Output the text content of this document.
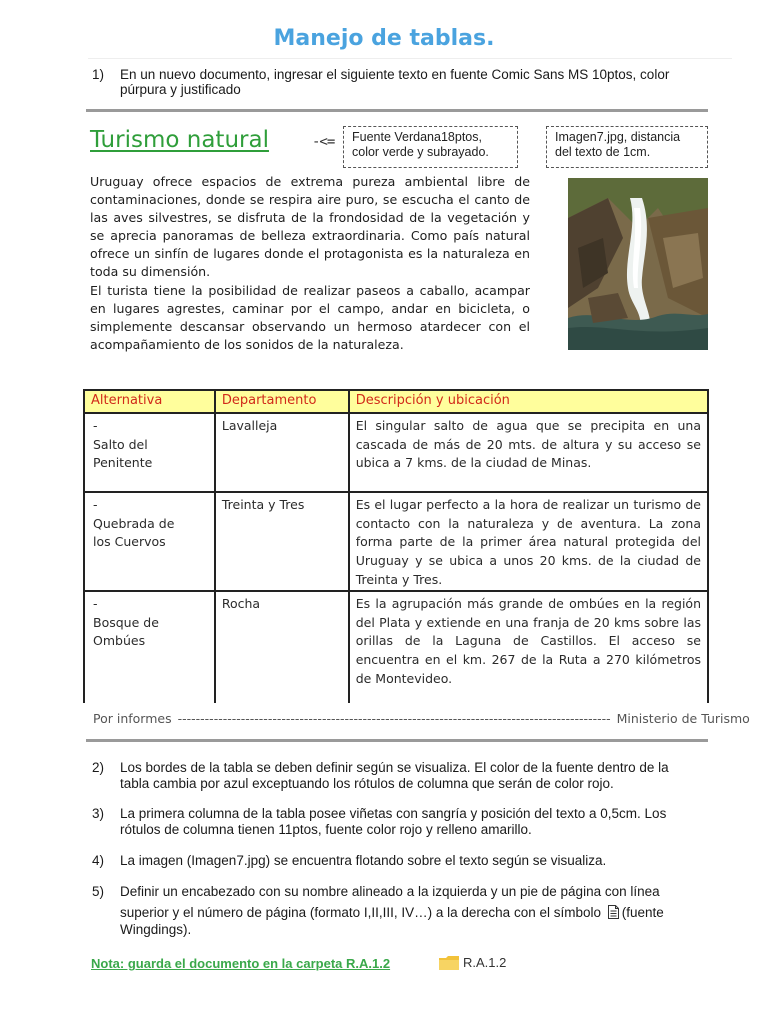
Manejo de tablas.
1) En un nuevo documento, ingresar el siguiente texto en fuente Comic Sans MS 10ptos, color
púrpura y justificado
Turismo natural	-<= Fuente Verdana18ptos,
color verde y subrayado.
Imagen7.jpg, distancia
del texto de 1cm.

Uruguay ofrece espacios de extrema pureza ambiental libre de contaminaciones, donde se respira aire puro, se escucha el canto de las aves silvestres, se disfruta de la frondosidad de la vegetación y se aprecia panoramas de belleza extraordinaria. Como país natural ofrece un sinfín de lugares donde el protagonista es la naturaleza en toda su dimensión.

El turista tiene la posibilidad de realizar paseos a caballo, acampar en lugares agrestes, caminar por el campo, andar en bicicleta, o simplemente descansar observando un hermoso atardecer con el acompañamiento de los sonidos de la naturaleza.

Alternativa	Departamento	Descripción y ubicación
-Salto del
Penitente	Lavalleja	El singular salto de agua que se precipita en una cascada de más de 20 mts. de altura y su acceso se ubica a 7 kms. de la ciudad de Minas.
-Quebrada de
los Cuervos	Treinta y Tres	Es el lugar perfecto a la hora de realizar un turismo de contacto con la naturaleza y de aventura. La zona forma parte de la primer área natural protegida del Uruguay y se ubica a unos 20 kms. de la ciudad de Treinta y Tres.
-Bosque de
Ombúes	Rocha	Es la agrupación más grande de ombúes en la región del Plata y extiende en una franja de 20 kms sobre las orillas de la Laguna de Castillos. El acceso se encuentra en el km. 267 de la Ruta a 270 kilómetros de Montevideo.
Por informes ------------------------------------------------------------------------------------------------ Ministerio de Turismo
2) Los bordes de la tabla se deben definir según se visualiza. El color de la fuente dentro de la
tabla cambia por azul exceptuando los rótulos de columna que serán de color rojo.
3) La primera columna de la tabla posee viñetas con sangría y posición del texto a 0,5cm. Los
rótulos de columna tienen 11ptos, fuente color rojo y relleno amarillo.
4) La imagen (Imagen7.jpg) se encuentra flotando sobre el texto según se visualiza.
5) Definir un encabezado con su nombre alineado a la izquierda y un pie de página con línea
superior y el número de página (formato I,II,III, IV…) a la derecha con el símbolo (fuente
Wingdings).
Nota: guarda el documento en la carpeta R.A.1.2	R.A.1.2
